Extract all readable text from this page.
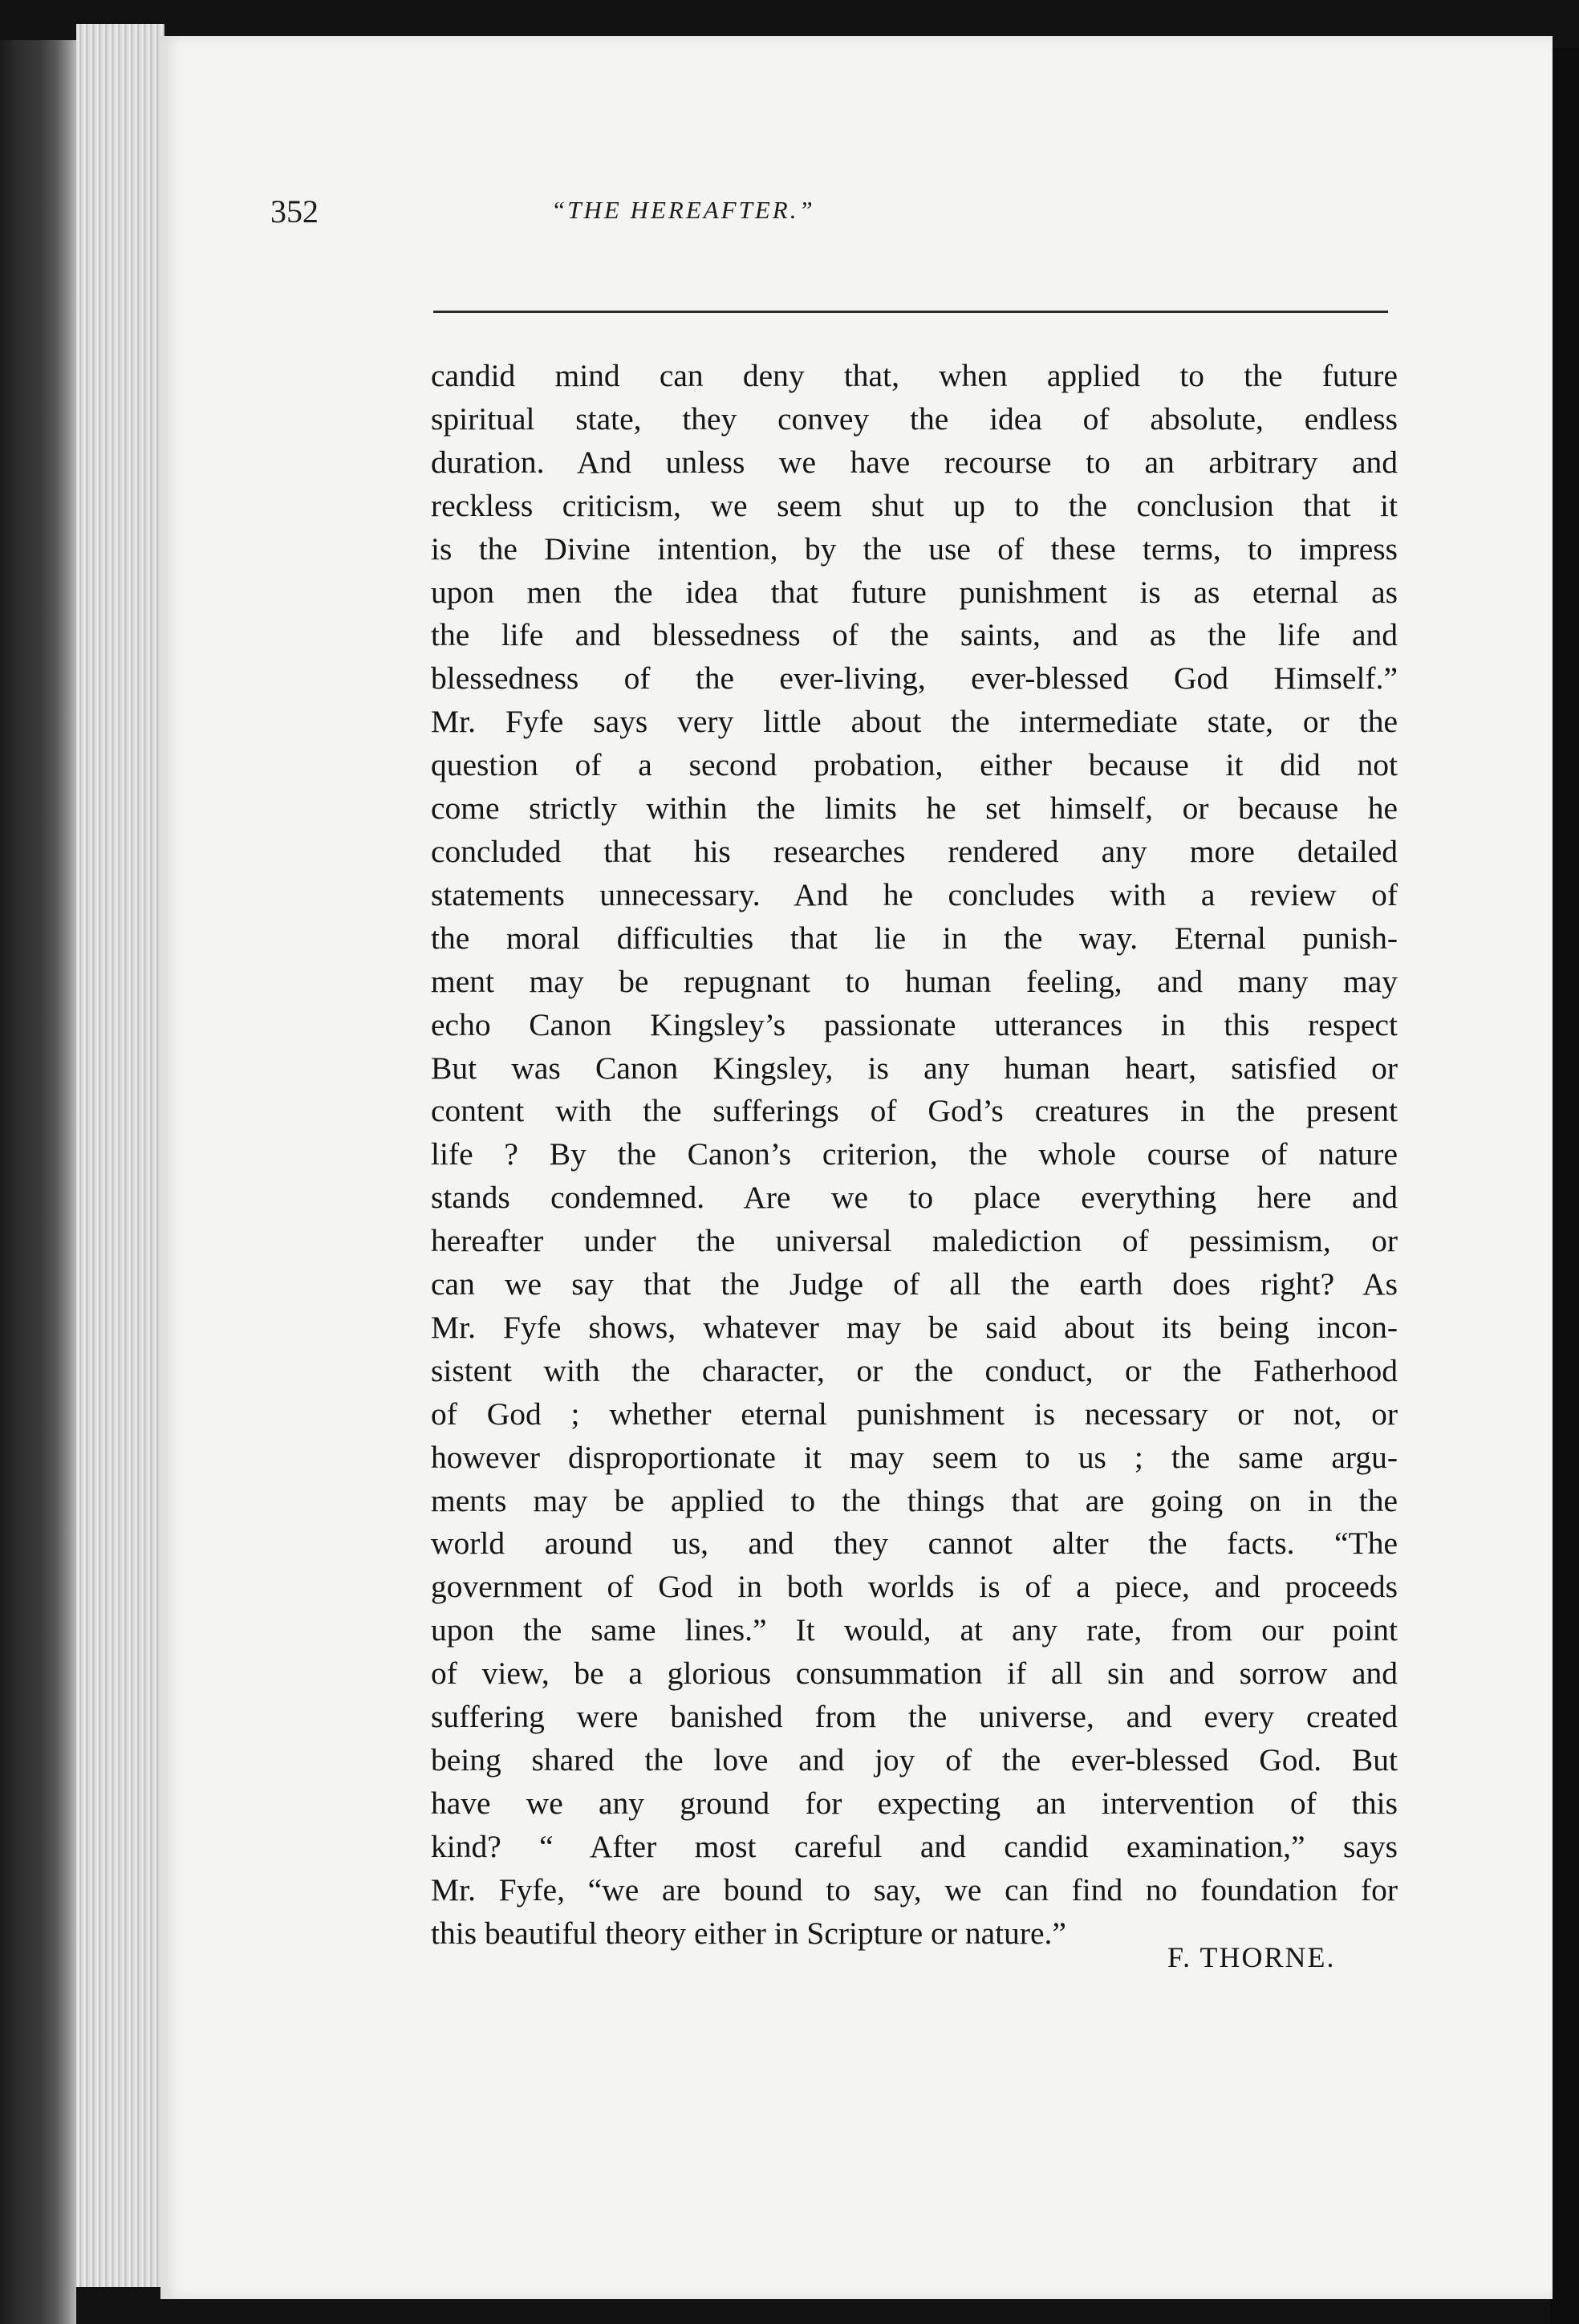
352	“THE HEREAFTER.”
candid mind can deny that, when applied to the future
spiritual state, they convey the idea of absolute, endless
duration. And unless we have recourse to an arbitrary and
reckless criticism, we seem shut up to the conclusion that it
is the Divine intention, by the use of these terms, to impress
upon men the idea that future punishment is as eternal as
the life and blessedness of the saints, and as the life and
blessedness of the ever-living, ever-blessed God Himself.”
Mr. Fyfe says very little about the intermediate state, or the
question of a second probation, either because it did not
come strictly within the limits he set himself, or because he
concluded that his researches rendered any more detailed
statements unnecessary. And he concludes with a review of
the moral difficulties that lie in the way. Eternal punish-
ment may be repugnant to human feeling, and many may
echo Canon Kingsley’s passionate utterances in this respect
But was Canon Kingsley, is any human heart, satisfied or
content with the sufferings of God’s creatures in the present
life ? By the Canon’s criterion, the whole course of nature
stands condemned. Are we to place everything here and
hereafter under the universal malediction of pessimism, or
can we say that the Judge of all the earth does right? As
Mr. Fyfe shows, whatever may be said about its being incon-
sistent with the character, or the conduct, or the Fatherhood
of God ; whether eternal punishment is necessary or not, or
however disproportionate it may seem to us ; the same argu-
ments may be applied to the things that are going on in the
world around us, and they cannot alter the facts. “The
government of God in both worlds is of a piece, and proceeds
upon the same lines.” It would, at any rate, from our point
of view, be a glorious consummation if all sin and sorrow and
suffering were banished from the universe, and every created
being shared the love and joy of the ever-blessed God. But
have we any ground for expecting an intervention of this
kind? “ After most careful and candid examination,” says
Mr. Fyfe, “we are bound to say, we can find no foundation for
this beautiful theory either in Scripture or nature.”
F. THORNE.
